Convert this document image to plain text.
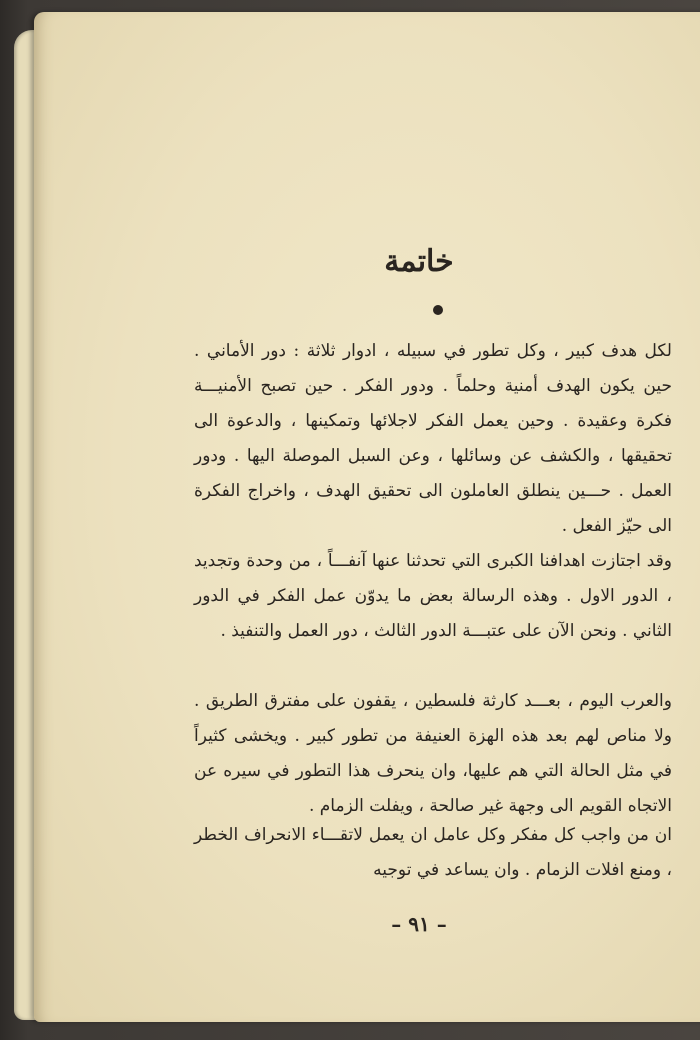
خاتمة
لكل هدف كبير ، وكل تطور في سبيله ، ادوار ثلاثة : دور الأماني . حين يكون الهدف أمنية وحلماً . ودور الفكر . حين تصبح الأمنيـــة فكرة وعقيدة . وحين يعمل الفكر لاجلائها وتمكينها ، والدعوة الى تحقيقها ، والكشف عن وسائلها ، وعن السبل الموصلة اليها . ودور العمل . حـــين ينطلق العاملون الى تحقيق الهدف ، واخراج الفكرة الى حيّز الفعل .
وقد اجتازت اهدافنا الكبرى التي تحدثنا عنها آنفـــاً ، من وحدة وتجديد ، الدور الاول . وهذه الرسالة بعض ما يدوّن عمل الفكر في الدور الثاني . ونحن الآن على عتبـــة الدور الثالث ، دور العمل والتنفيذ .
والعرب اليوم ، بعـــد كارثة فلسطين ، يقفون على مفترق الطريق . ولا مناص لهم بعد هذه الهزة العنيفة من تطور كبير . ويخشى كثيراً في مثل الحالة التي هم عليها، وان ينحرف هذا التطور في سيره عن الاتجاه القويم الى وجهة غير صالحة ، ويفلت الزمام .
ان من واجب كل مفكر وكل عامل ان يعمل لاتقـــاء الانحراف الخطر ، ومنع افلات الزمام . وان يساعد في توجيه
– ٩١ –
